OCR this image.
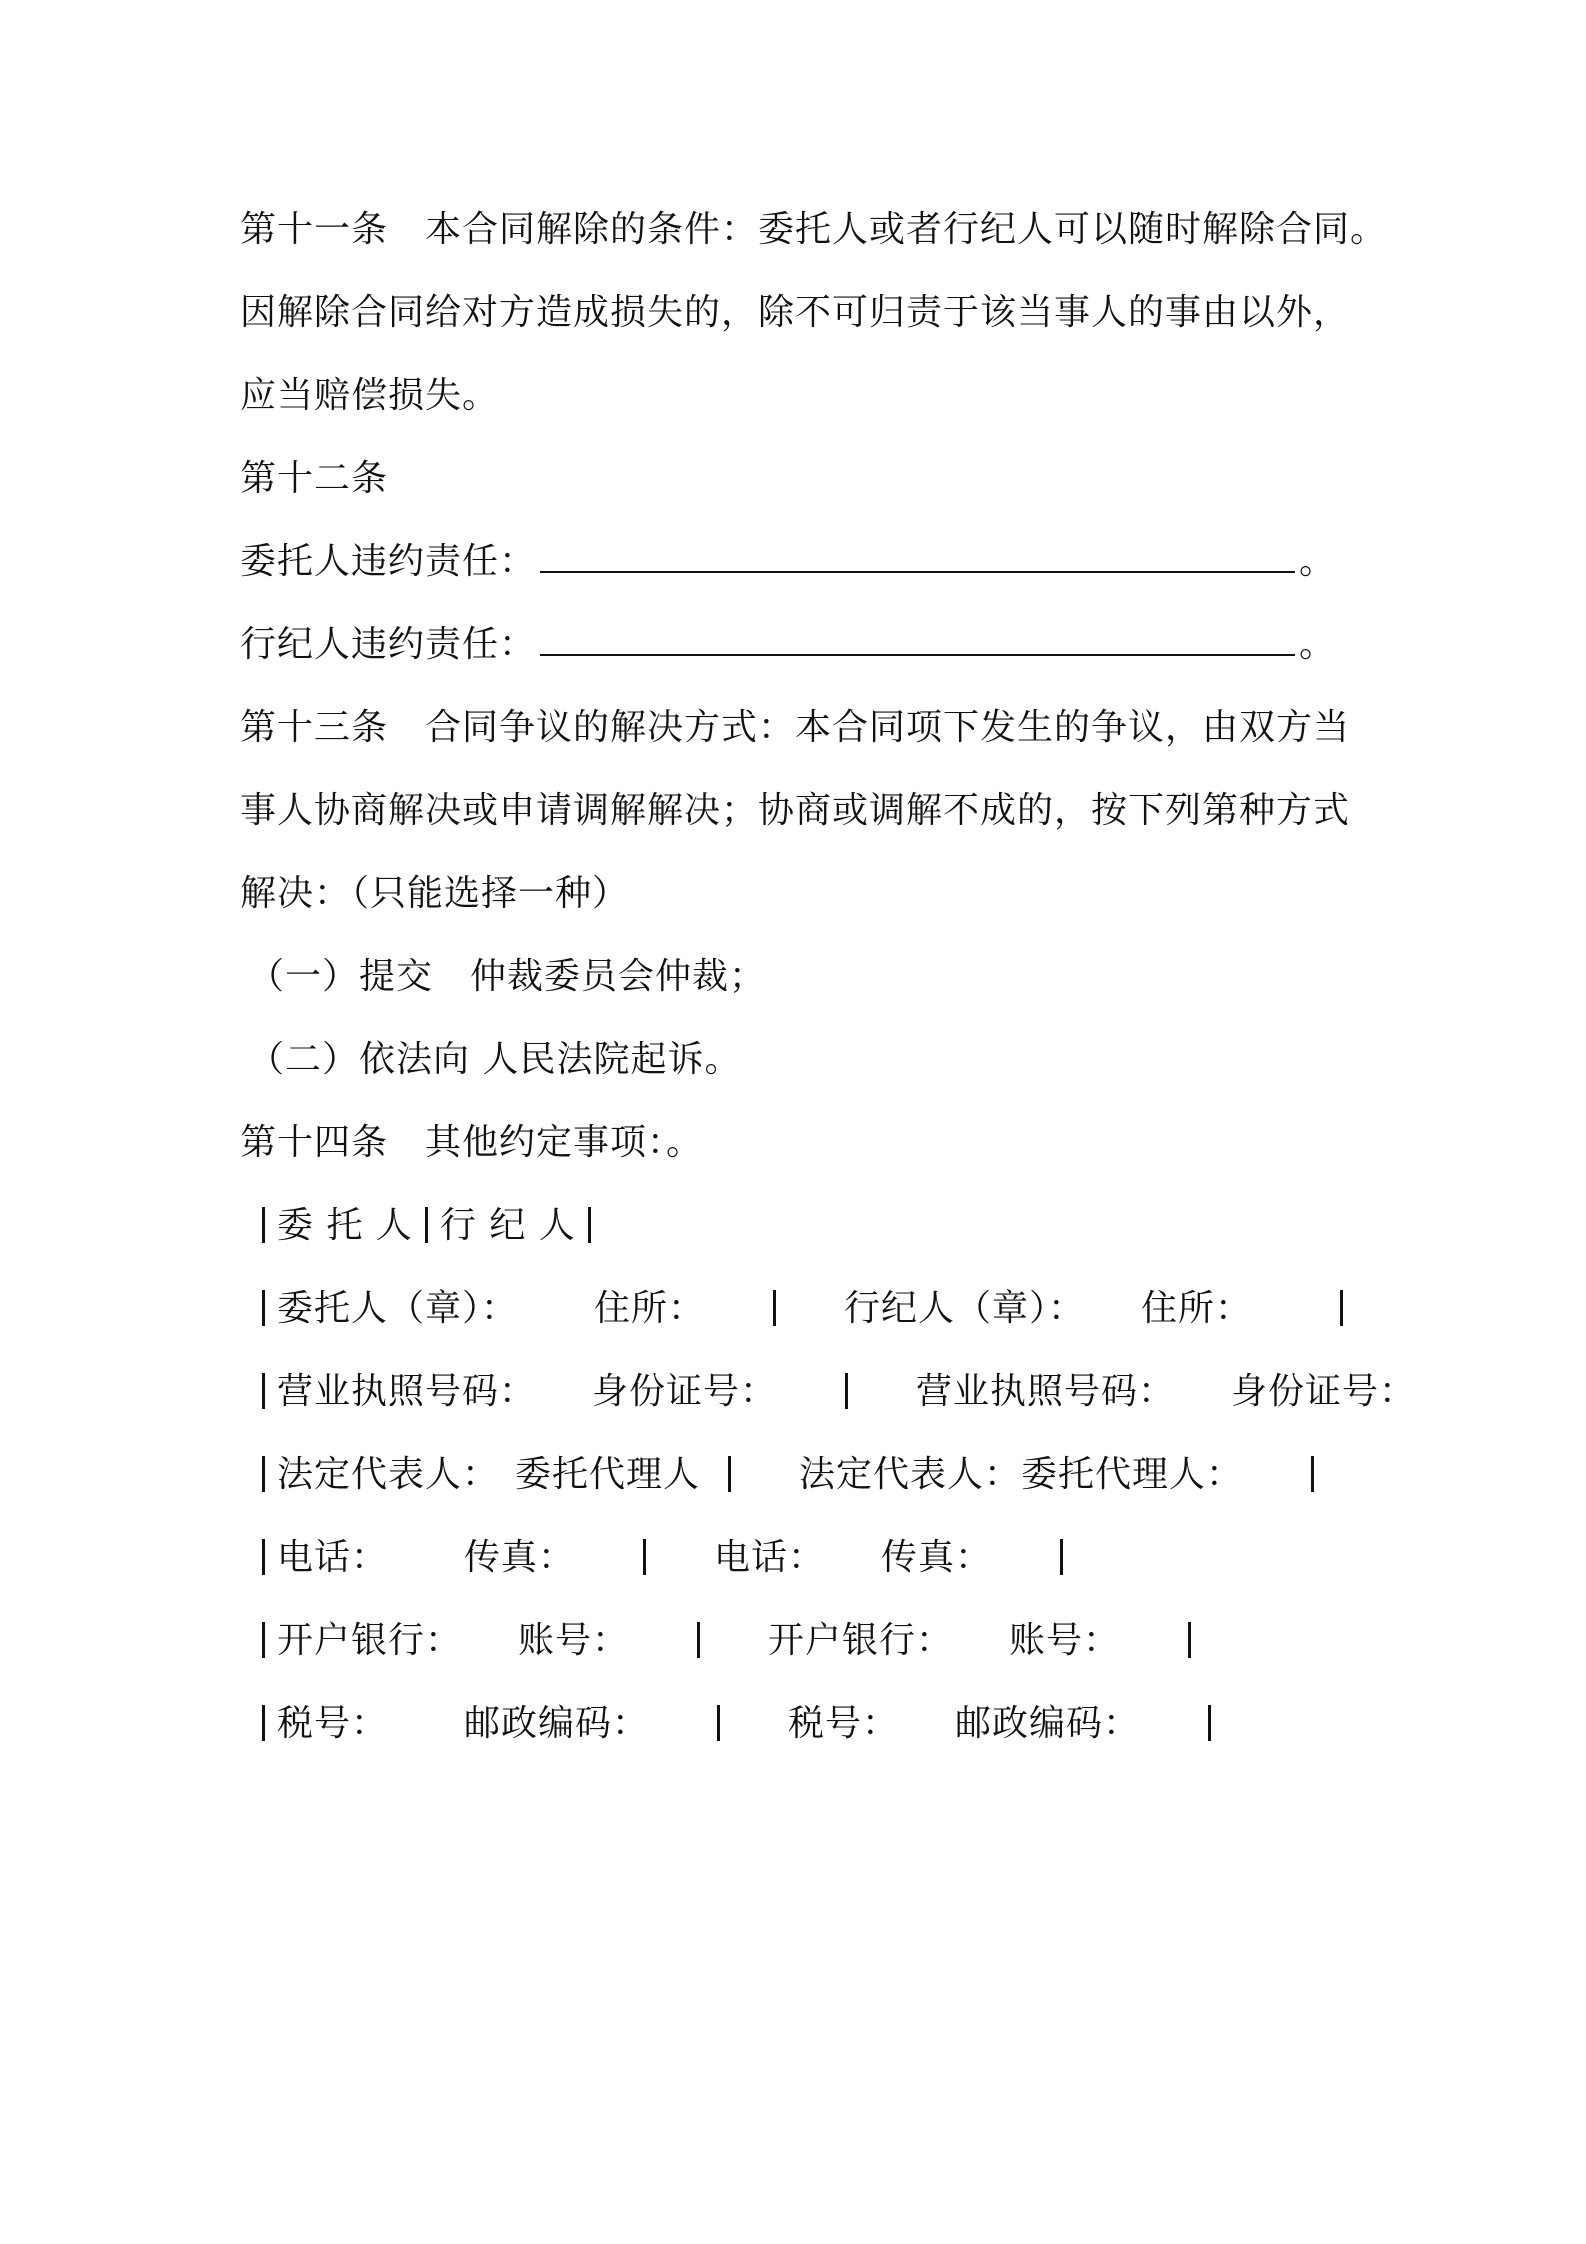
第十一条　本合同解除的条件：委托人或者行纪人可以随时解除合同。
因解除合同给对方造成损失的，除不可归责于该当事人的事由以外，
应当赔偿损失。
第十二条
委托人违约责任：	。
行纪人违约责任：	。
第十三条　合同争议的解决方式：本合同项下发生的争议，由双方当
事人协商解决或申请调解解决；协商或调解不成的，按下列第种方式
解决：（只能选择一种）
（一）提交　仲裁委员会仲裁；
（二）依法向 人民法院起诉。
第十四条　其他约定事项：。
委 托 人 行 纪 人
委托人（章）： 住所：	行纪人（章）： 住所：
营业执照号码： 身份证号：	营业执照号码： 身份证号：
法定代表人： 委托代理人	法定代表人：委托代理人：
电话： 传真：	电话： 传真：
开户银行： 账号：	开户银行： 账号：
税号： 邮政编码：	税号： 邮政编码：
